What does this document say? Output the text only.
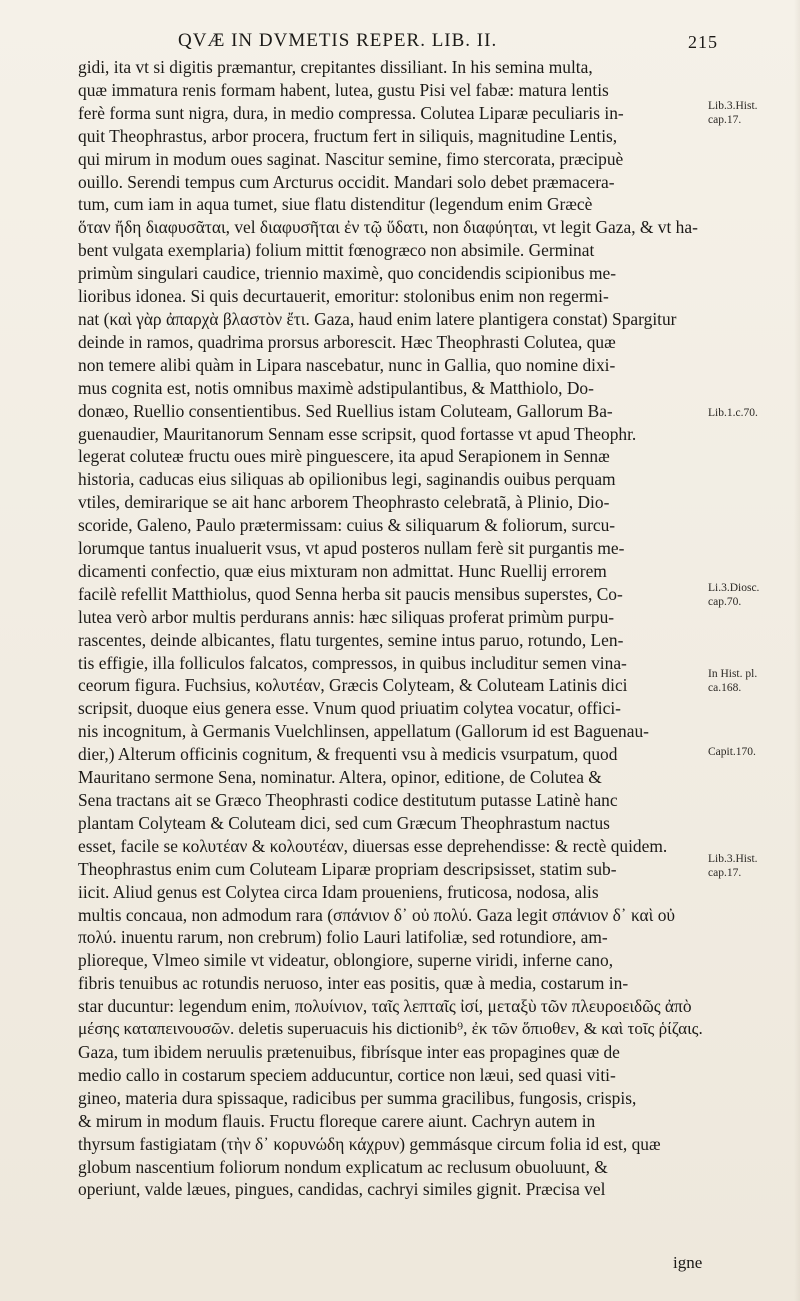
QVÆ IN DVMETIS REPER. LIB. II.	215
gidi, ita vt si digitis præmantur, crepitantes dissiliant. In his semina multa,
quæ immatura renis formam habent, lutea, gustu Pisi vel fabæ: matura lentis
ferè forma sunt nigra, dura, in medio compressa. Colutea Liparæ peculiaris in-
quit Theophrastus, arbor procera, fructum fert in siliquis, magnitudine Lentis,
qui mirum in modum oues saginat. Nascitur semine, fimo stercorata, præcipuè
ouillo. Serendi tempus cum Arcturus occidit. Mandari solo debet præmacera-
tum, cum iam in aqua tumet, siue flatu distenditur (legendum enim Græcè
ὅταν ἤδη διαφυσᾶται, vel διαφυσῆται ἐν τῷ ὕδατι, non διαφύηται, vt legit Gaza, & vt ha-
bent vulgata exemplaria) folium mittit fœnogræco non absimile. Germinat
primùm singulari caudice, triennio maximè, quo concidendis scipionibus me-
lioribus idonea. Si quis decurtauerit, emoritur: stolonibus enim non regermi-
nat (καὶ γὰρ ἀπαρχὰ βλαστὸν ἔτι. Gaza, haud enim latere plantigera constat) Spargitur
deinde in ramos, quadrima prorsus arborescit. Hæc Theophrasti Colutea, quæ
non temere alibi quàm in Lipara nascebatur, nunc in Gallia, quo nomine dixi-
mus cognita est, notis omnibus maximè adstipulantibus, & Matthiolo, Do-
donæo, Ruellio consentientibus. Sed Ruellius istam Coluteam, Gallorum Ba-
guenaudier, Mauritanorum Sennam esse scripsit, quod fortasse vt apud Theophr.
legerat coluteæ fructu oues mirè pinguescere, ita apud Serapionem in Sennæ
historia, caducas eius siliquas ab opilionibus legi, saginandis ouibus perquam
vtiles, demirarique se ait hanc arborem Theophrasto celebratã, à Plinio, Dio-
scoride, Galeno, Paulo prætermissam: cuius & siliquarum & foliorum, surcu-
lorumque tantus inualuerit vsus, vt apud posteros nullam ferè sit purgantis me-
dicamenti confectio, quæ eius mixturam non admittat. Hunc Ruellij errorem
facilè refellit Matthiolus, quod Senna herba sit paucis mensibus superstes, Co-
lutea verò arbor multis perdurans annis: hæc siliquas proferat primùm purpu-
rascentes, deinde albicantes, flatu turgentes, semine intus paruo, rotundo, Len-
tis effigie, illa folliculos falcatos, compressos, in quibus includitur semen vina-
ceorum figura. Fuchsius, κολυτέαν, Græcis Colyteam, & Coluteam Latinis dici
scripsit, duoque eius genera esse. Vnum quod priuatim colytea vocatur, offici-
nis incognitum, à Germanis Vuelchlinsen, appellatum (Gallorum id est Baguenau-
dier,) Alterum officinis cognitum, & frequenti vsu à medicis vsurpatum, quod
Mauritano sermone Sena, nominatur. Altera, opinor, editione, de Colutea &
Sena tractans ait se Græco Theophrasti codice destitutum putasse Latinè hanc
plantam Colyteam & Coluteam dici, sed cum Græcum Theophrastum nactus
esset, facile se κολυτέαν & κολουτέαν, diuersas esse deprehendisse: & rectè quidem.
Theophrastus enim cum Coluteam Liparæ propriam descripsisset, statim sub-
iicit. Aliud genus est Colytea circa Idam proueniens, fruticosa, nodosa, alis
multis concaua, non admodum rara (σπάνιον δ᾽ οὐ πολύ. Gaza legit σπάνιον δ᾽ καὶ οὐ
πολύ. inuentu rarum, non crebrum) folio Lauri latifoliæ, sed rotundiore, am-
plioreque, Vlmeo simile vt videatur, oblongiore, superne viridi, inferne cano,
fibris tenuibus ac rotundis neruoso, inter eas positis, quæ à media, costarum in-
star ducuntur: legendum enim, πολυίνιον, ταῖς λεπταῖς ἰσί, μεταξὺ τῶν πλευροειδῶς ἀπὸ
μέσης καταπεινουσῶν. deletis superuacuis his dictionib⁹, ἐκ τῶν ὅπιοθεν, & καὶ τοῖς ῥίζαις.
Gaza, tum ibidem neruulis prætenuibus, fibrísque inter eas propagines quæ de
medio callo in costarum speciem adducuntur, cortice non læui, sed quasi viti-
gineo, materia dura spissaque, radicibus per summa gracilibus, fungosis, crispis,
& mirum in modum flauis. Fructu floreque carere aiunt. Cachryn autem in
thyrsum fastigiatam (τὴν δ᾽ κορυνώδη κάχρυν) gemmásque circum folia id est, quæ
globum nascentium foliorum nondum explicatum ac reclusum obuoluunt, &
operiunt, valde læues, pingues, candidas, cachryi similes gignit. Præcisa vel
igne
Lib.3.Hist.
cap.17.
Lib.1.c.70.
Li.3.Diosc.
cap.70.
In Hist. pl.
ca.168.
Capit.170.
Lib.3.Hist.
cap.17.
